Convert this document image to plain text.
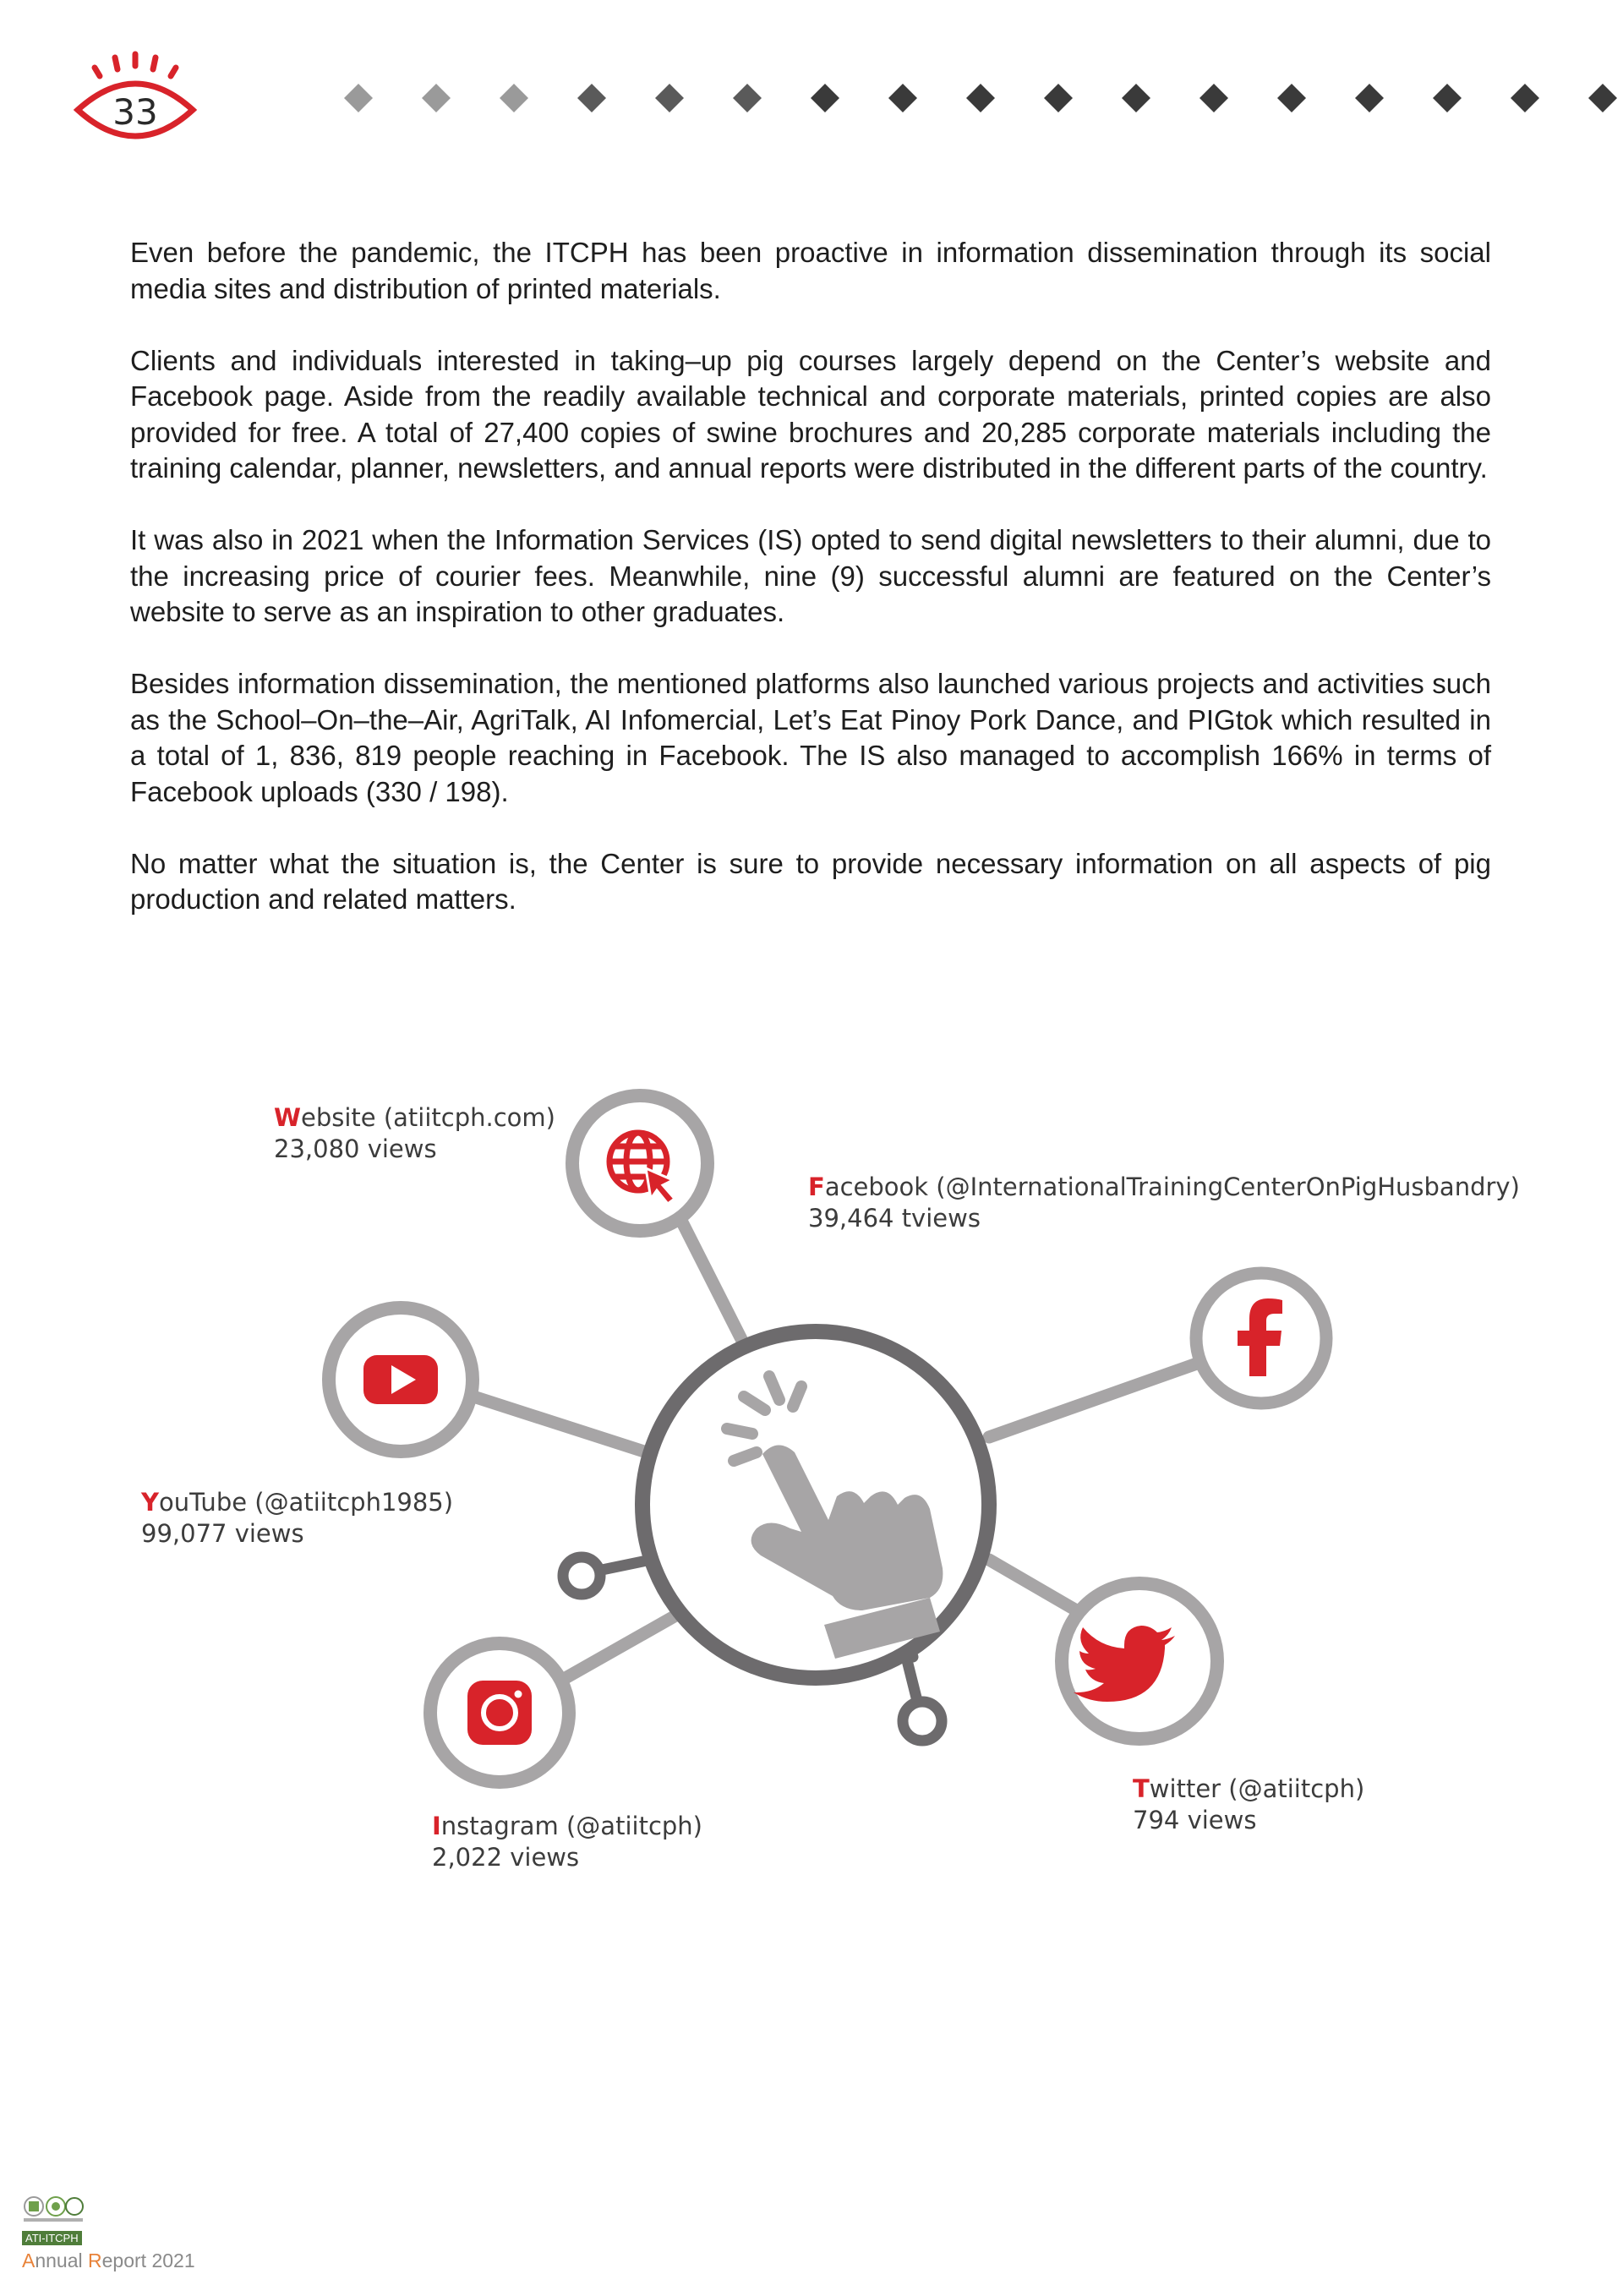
33

Even before the pandemic, the ITCPH has been proactive in information dissemination through its social media sites and distribution of printed materials.

Clients and individuals interested in taking–up pig courses largely depend on the Center’s website and Facebook page. Aside from the readily available technical and corporate materials, printed copies are also provided for free. A total of 27,400 copies of swine brochures and 20,285 corporate materials including the training calendar, planner, newsletters, and annual reports were distributed in the different parts of the country.

It was also in 2021 when the Information Services (IS) opted to send digital newsletters to their alumni, due to the increasing price of courier fees. Meanwhile, nine (9) successful alumni are featured on the Center’s website to serve as an inspiration to other graduates.

Besides information dissemination, the mentioned platforms also launched various projects and activities such as the School–On–the–Air, AgriTalk, AI Infomercial, Let’s Eat Pinoy Pork Dance, and PIGtok which resulted in a total of 1, 836, 819 people reaching in Facebook. The IS also managed to accomplish 166% in terms of Facebook uploads (330 / 198).

No matter what the situation is, the Center is sure to provide necessary information on all aspects of pig production and related matters.

Website (atiitcph.com)
23,080 views
Facebook (@InternationalTrainingCenterOnPigHusbandry)
39,464 tviews
YouTube (@atiitcph1985)
99,077 views
Instagram (@atiitcph)
2,022 views
Twitter (@atiitcph)
794 views
ATI-ITCPH
Annual Report 2021
